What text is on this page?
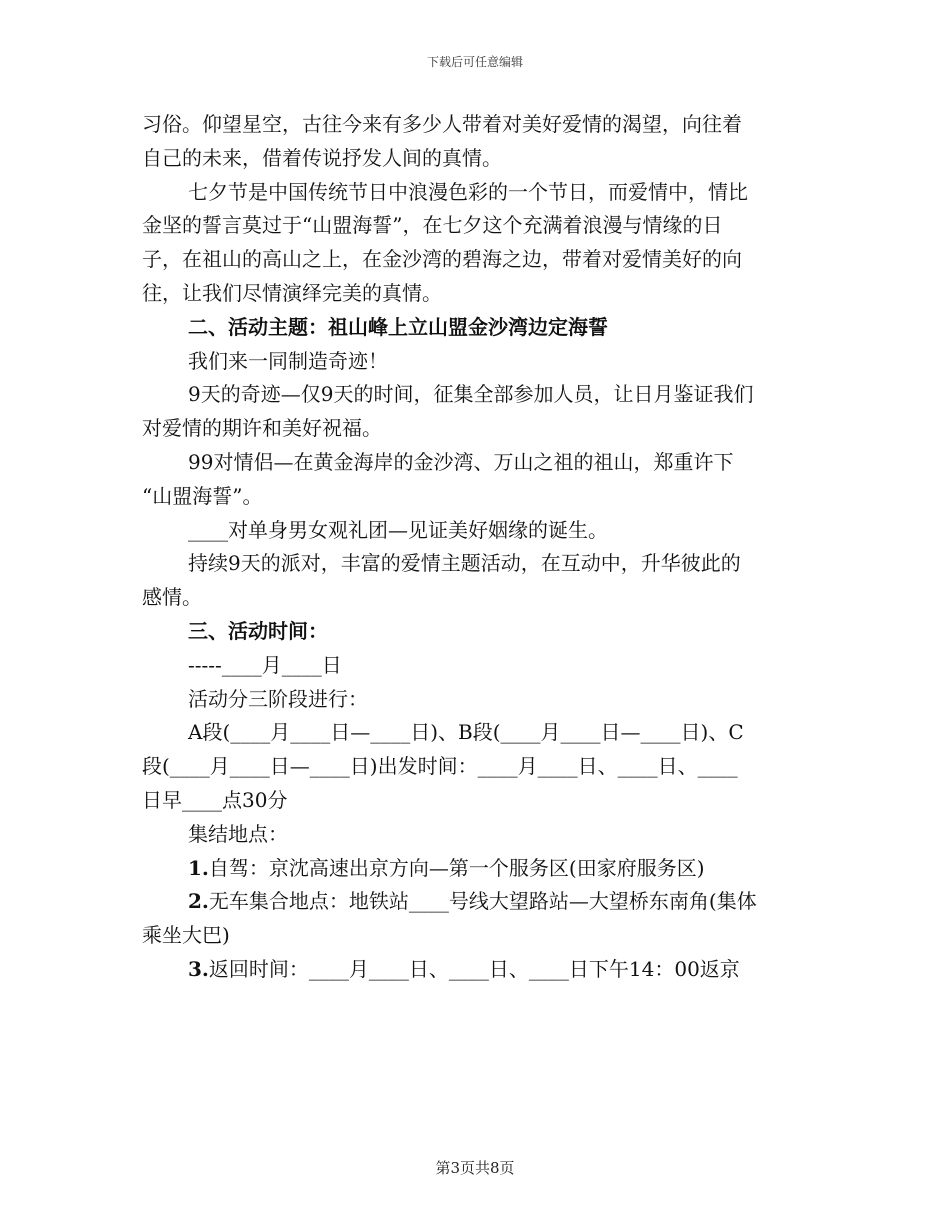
下载后可任意编辑
习俗。仰望星空，古往今来有多少人带着对美好爱情的渴望，向往着
自己的未来，借着传说抒发人间的真情。
七夕节是中国传统节日中浪漫色彩的一个节日，而爱情中，情比
金坚的誓言莫过于“山盟海誓”，在七夕这个充满着浪漫与情缘的日
子，在祖山的高山之上，在金沙湾的碧海之边，带着对爱情美好的向
往，让我们尽情演绎完美的真情。
二、活动主题：祖山峰上立山盟金沙湾边定海誓
我们来一同制造奇迹！
9天的奇迹—仅9天的时间，征集全部参加人员，让日月鉴证我们
对爱情的期许和美好祝福。
99对情侣—在黄金海岸的金沙湾、万山之祖的祖山，郑重许下
“山盟海誓”。
____对单身男女观礼团—见证美好姻缘的诞生。
持续9天的派对，丰富的爱情主题活动，在互动中，升华彼此的
感情。
三、活动时间：
-----____月____日
活动分三阶段进行：
A段(____月____日—____日)、B段(____月____日—____日)、C
段(____月____日—____日)出发时间：____月____日、____日、____
日早____点30分
集结地点：
1.自驾：京沈高速出京方向—第一个服务区(田家府服务区)
2.无车集合地点：地铁站____号线大望路站—大望桥东南角(集体
乘坐大巴)
3.返回时间：____月____日、____日、____日下午14：00返京
第3页共8页
